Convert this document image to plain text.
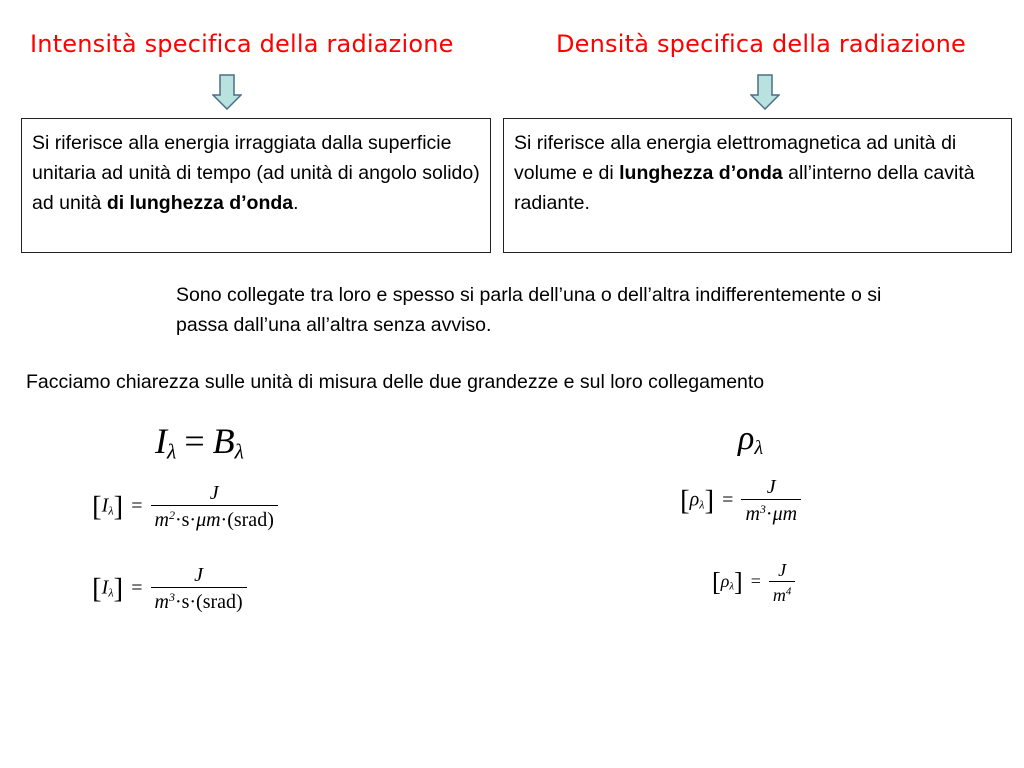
Intensità specifica della radiazione	Densità specifica della radiazione
Si riferisce alla energia irraggiata dalla superficie unitaria ad unità di tempo (ad unità di angolo solido) ad unità di lunghezza d’onda.
Si riferisce alla energia elettromagnetica ad unità di volume e di lunghezza d’onda all’interno della cavità radiante.
Sono collegate tra loro e spesso si parla dell’una o dell’altra indifferentemente o si passa dall’una all’altra senza avviso.
Facciamo chiarezza sulle unità di misura delle due grandezze e sul loro collegamento
$I_\lambda = B_\lambda$	$\rho_\lambda$
$[I_\lambda] = \frac{J}{m^2\cdot s\cdot\mu m\cdot(srad)}$
$[I_\lambda] = \frac{J}{m^3\cdot s\cdot(srad)}$
$[\rho_\lambda] = \frac{J}{m^3\cdot\mu m}$
$[\rho_\lambda] = \frac{J}{m^4}$
